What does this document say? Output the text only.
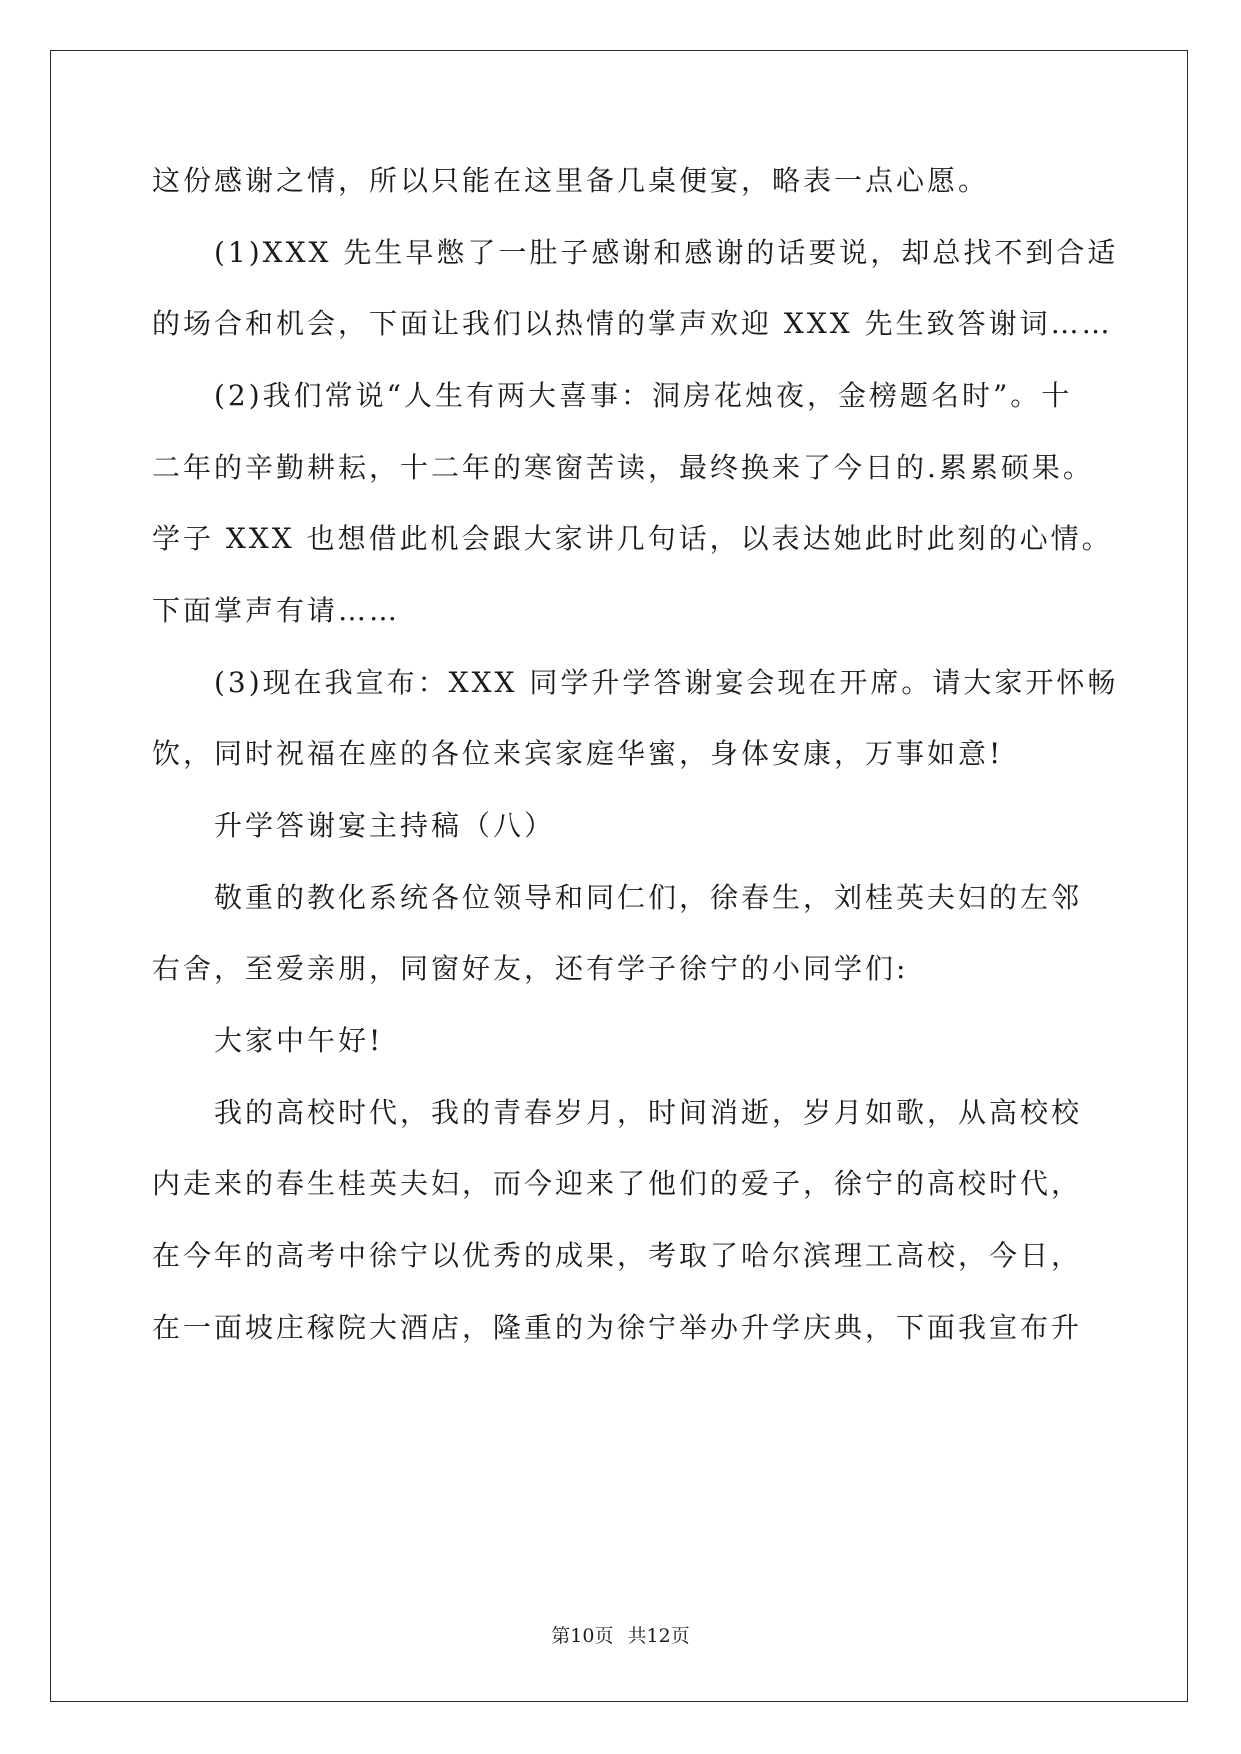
这份感谢之情，所以只能在这里备几桌便宴，略表一点心愿。
(1)XXX 先生早憋了一肚子感谢和感谢的话要说，却总找不到合适
的场合和机会，下面让我们以热情的掌声欢迎 XXX 先生致答谢词……
(2)我们常说“人生有两大喜事：洞房花烛夜，金榜题名时”。十
二年的辛勤耕耘，十二年的寒窗苦读，最终换来了今日的.累累硕果。
学子 XXX 也想借此机会跟大家讲几句话，以表达她此时此刻的心情。
下面掌声有请……
(3)现在我宣布：XXX 同学升学答谢宴会现在开席。请大家开怀畅
饮，同时祝福在座的各位来宾家庭华蜜，身体安康，万事如意!
升学答谢宴主持稿（八）
敬重的教化系统各位领导和同仁们，徐春生，刘桂英夫妇的左邻
右舍，至爱亲朋，同窗好友，还有学子徐宁的小同学们:
大家中午好!
我的高校时代，我的青春岁月，时间消逝，岁月如歌，从高校校
内走来的春生桂英夫妇，而今迎来了他们的爱子，徐宁的高校时代，
在今年的高考中徐宁以优秀的成果，考取了哈尔滨理工高校，今日，
在一面坡庄稼院大酒店，隆重的为徐宁举办升学庆典，下面我宣布升
第10页 共12页
